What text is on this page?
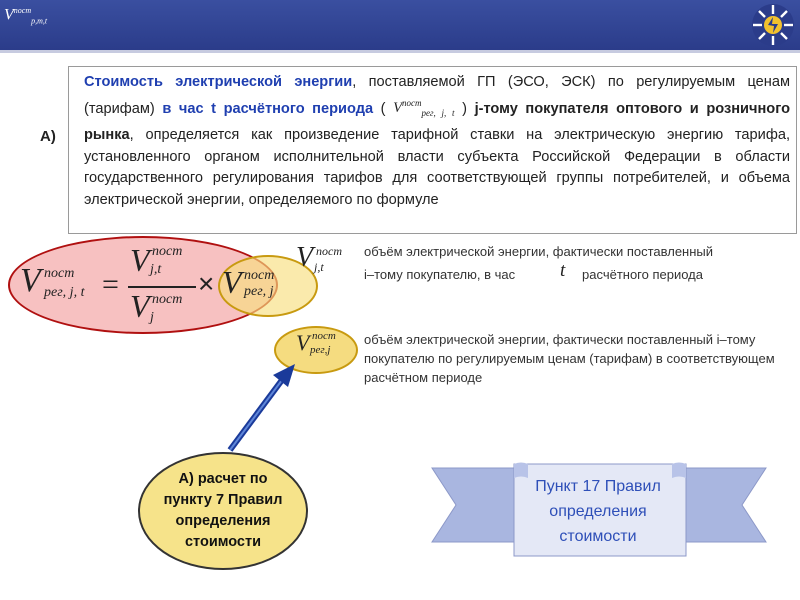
$V^{пост}_{р,m,t}$
Стоимость электрической энергии, поставляемой ГП (ЭСО, ЭСК) по регулируемым ценам (тарифам) в час t расчётного периода ( $V^{пост}_{рег, j, t}$ ) j-тому покупателя оптового и розничного рынка, определяется как произведение тарифной ставки на электрическую энергию тарифа, установленного органом исполнительной власти субъекта Российской Федерации в области государственного регулирования тарифов для соответствующей группы потребителей, и объема электрической энергии, определяемого по формуле
А)
V пост
рег, j, t =
V пост
j,t
V пост
j
× V пост
рег, j
V пост
j,t
объём электрической энергии, фактически поставленный
i–тому покупателю, в час t расчётного периода
V пост
рег,j
объём электрической энергии, фактически поставленный i–тому покупателю по регулируемым ценам (тарифам) в соответствующем расчётном периоде
А) расчет по пункту 7 Правил определения стоимости
Пункт 17 Правил определения стоимости
